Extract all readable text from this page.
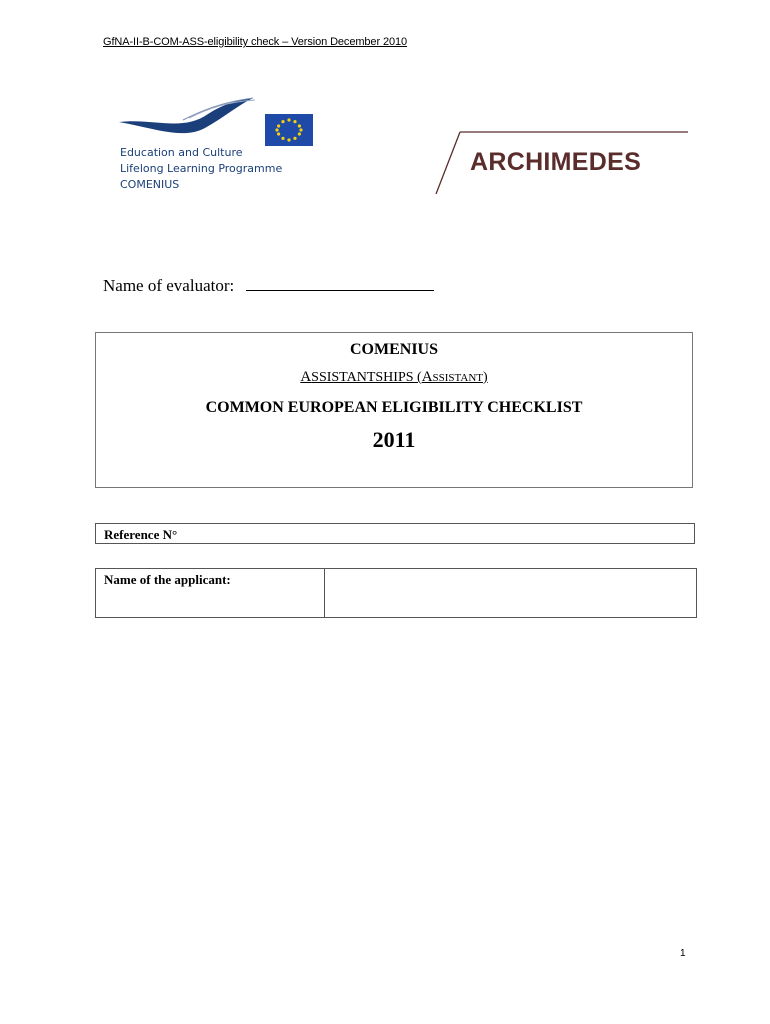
GfNA-II-B-COM-ASS-eligibility check – Version December 2010
Education and Culture
Lifelong Learning Programme
COMENIUS
ARCHIMEDES
Name of evaluator:
COMENIUS
ASSISTANTSHIPS (ASSISTANT)
COMMON EUROPEAN ELIGIBILITY CHECKLIST
2011
Reference N°
Name of the applicant:
1
